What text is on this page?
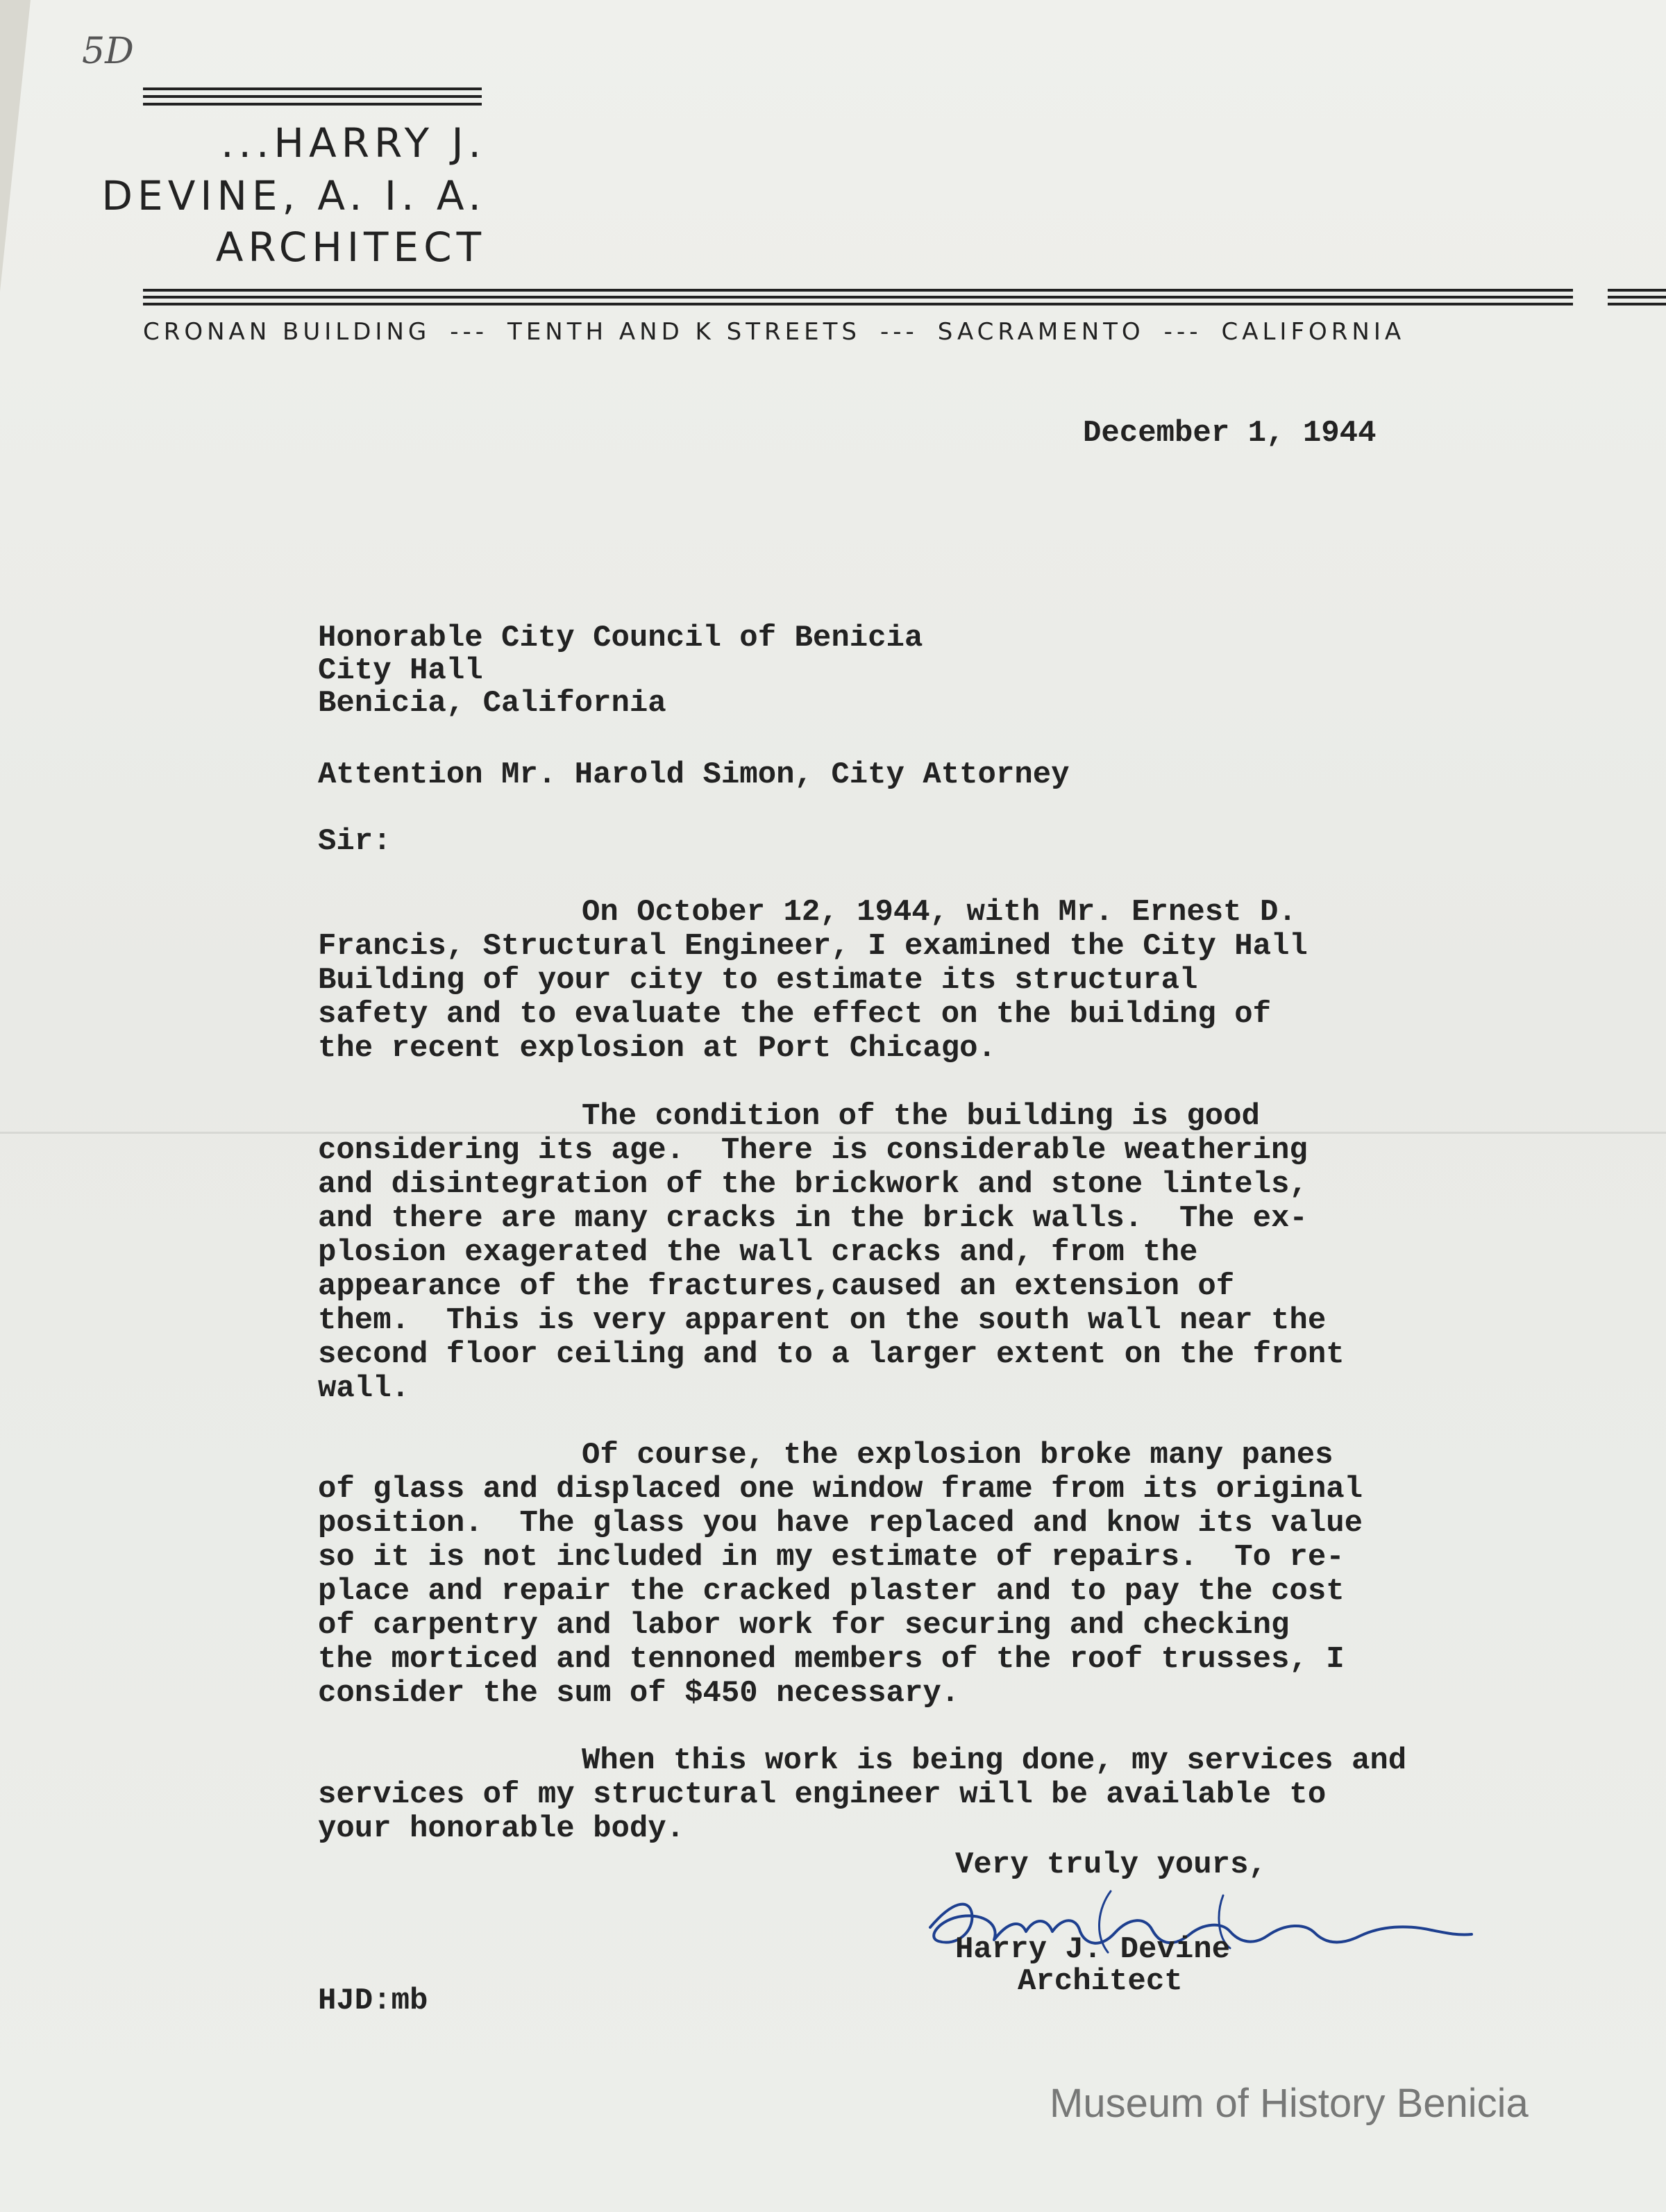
5D
...HARRY J.
DEVINE, A. I. A.
ARCHITECT
CRONAN BUILDING --- TENTH AND K STREETS --- SACRAMENTO --- CALIFORNIA
December 1, 1944
Honorable City Council of Benicia
City Hall
Benicia, California
Attention Mr. Harold Simon, City Attorney
Sir:
On October 12, 1944, with Mr. Ernest D.
Francis, Structural Engineer, I examined the City Hall
Building of your city to estimate its structural
safety and to evaluate the effect on the building of
the recent explosion at Port Chicago.
The condition of the building is good
considering its age.  There is considerable weathering
and disintegration of the brickwork and stone lintels,
and there are many cracks in the brick walls.  The ex-
plosion exagerated the wall cracks and, from the
appearance of the fractures,caused an extension of
them.  This is very apparent on the south wall near the
second floor ceiling and to a larger extent on the front
wall.
Of course, the explosion broke many panes
of glass and displaced one window frame from its original
position.  The glass you have replaced and know its value
so it is not included in my estimate of repairs.  To re-
place and repair the cracked plaster and to pay the cost
of carpentry and labor work for securing and checking
the morticed and tennoned members of the roof trusses, I
consider the sum of $450 necessary.
When this work is being done, my services and
services of my structural engineer will be available to
your honorable body.
Very truly yours,
Harry J. Devine
Architect
HJD:mb
Museum of History Benicia
